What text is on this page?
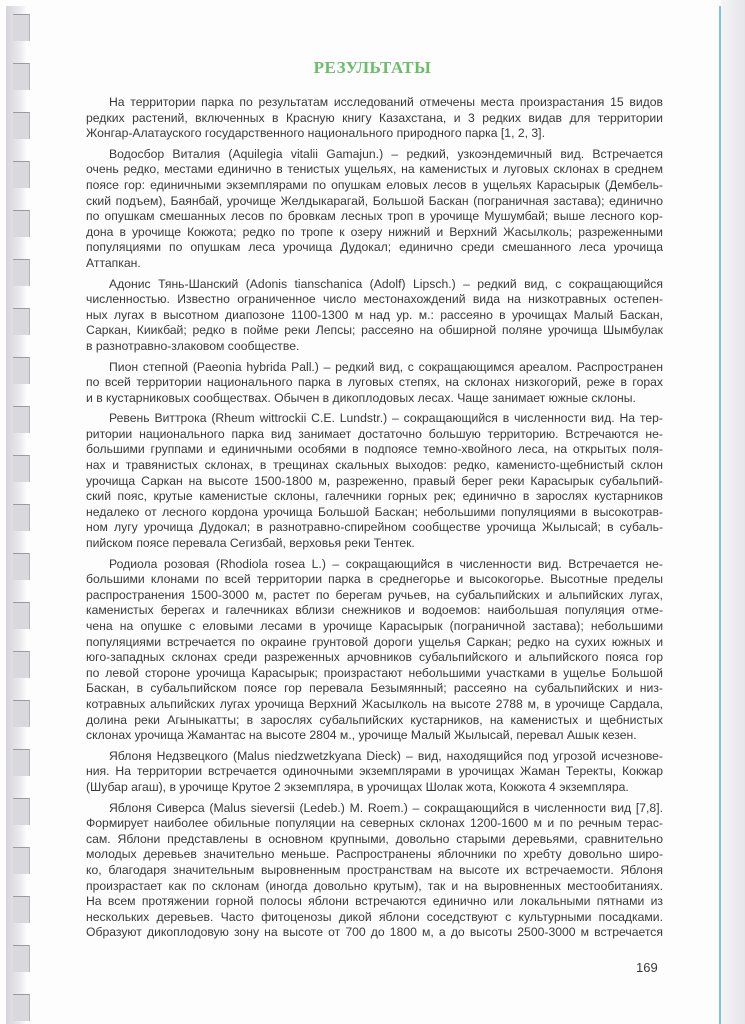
РЕЗУЛЬТАТЫ
На территории парка по результатам исследований отмечены места произрастания 15 видов
редких растений, включенных в Красную книгу Казахстана, и 3 редких видав для территории
Жонгар-Алатауского государственного национального природного парка [1, 2, 3].
Водосбор Виталия (Aquilegia vitalii Gamajun.) – редкий, узкоэндемичный вид. Встречается
очень редко, местами единично в тенистых ущельях, на каменистых и луговых склонах в среднем
поясе гор: единичными экземплярами по опушкам еловых лесов в ущельях Карасырык (Дембель-
ский подъем), Баянбай, урочище Желдыкарагай, Большой Баскан (пограничная застава); единично
по опушкам смешанных лесов по бровкам лесных троп в урочище Мушумбай; выше лесного кор-
дона в урочище Кокжота; редко по тропе к озеру нижний и Верхний Жасылколь; разреженными
популяциями по опушкам леса урочища Дудокал; единично среди смешанного леса урочища
Аттапкан.
Адонис Тянь-Шанский (Adonis tianschanica (Adolf) Lipsch.) – редкий вид, с сокращающийся
численностью. Известно ограниченное число местонахождений вида на низкотравных остепен-
ных лугах в высотном диапозоне 1100-1300 м над ур. м.: рассеяно в урочищах Малый Баскан,
Саркан, Киикбай; редко в пойме реки Лепсы; рассеяно на обширной поляне урочища Шымбулак
в разнотравно-злаковом сообществе.
Пион степной (Paeonia hybrida Pall.) – редкий вид, с сокращающимся ареалом. Распространен
по всей территории национального парка в луговых степях, на склонах низкогорий, реже в горах
и в кустарниковых сообществах. Обычен в дикоплодовых лесах. Чаще занимает южные склоны.
Ревень Виттрока (Rheum wittrockii C.E. Lundstr.) – сокращающийся в численности вид. На тер-
ритории национального парка вид занимает достаточно большую территорию. Встречаются не-
большими группами и единичными особями в подпоясе темно-хвойного леса, на открытых поля-
нах и травянистых склонах, в трещинах скальных выходов: редко, каменисто-щебнистый склон
урочища Саркан на высоте 1500-1800 м, разреженно, правый берег реки Карасырык субальпий-
ский пояс, крутые каменистые склоны, галечники горных рек; единично в зарослях кустарников
недалеко от лесного кордона урочища Большой Баскан; небольшими популяциями в высокотрав-
ном лугу урочища Дудокал; в разнотравно-спирейном сообществе урочища Жылысай; в субаль-
пийском поясе перевала Сегизбай, верховья реки Тентек.
Родиола розовая (Rhodiola rosea L.) – сокращающийся в численности вид. Встречается не-
большими клонами по всей территории парка в среднегорье и высокогорье. Высотные пределы
распространения 1500-3000 м, растет по берегам ручьев, на субальпийских и альпийских лугах,
каменистых берегах и галечниках вблизи снежников и водоемов: наибольшая популяция отме-
чена на опушке с еловыми лесами в урочище Карасырык (пограничной застава); небольшими
популяциями встречается по окраине грунтовой дороги ущелья Саркан; редко на сухих южных и
юго-западных склонах среди разреженных арчовников субальпийского и альпийского пояса гор
по левой стороне урочища Карасырык; произрастают небольшими участками в ущелье Большой
Баскан, в субальпийском поясе гор перевала Безымянный; рассеяно на субальпийских и низ-
котравных альпийских лугах урочища Верхний Жасылколь на высоте 2788 м, в урочище Сардала,
долина реки Агыныкатты; в зарослях субальпийских кустарников, на каменистых и щебнистых
склонах урочища Жамантас на высоте 2804 м., урочище Малый Жылысай, перевал Ашык кезен.
Яблоня Недзвецкого (Malus niedzwetzkyana Dieck) – вид, находящийся под угрозой исчезнове-
ния. На территории встречается одиночными экземплярами в урочищах Жаман Теректы, Кокжар
(Шубар агаш), в урочище Крутое 2 экземпляра, в урочищах Шолак жота, Кокжота 4 экземпляра.
Яблоня Сиверса (Malus sieversii (Ledeb.) M. Roem.) – сокращающийся в численности вид [7,8].
Формирует наиболее обильные популяции на северных склонах 1200-1600 м и по речным терас-
сам. Яблони представлены в основном крупными, довольно старыми деревьями, сравнительно
молодых деревьев значительно меньше. Распространены яблочники по хребту довольно широ-
ко, благодаря значительным выровненным пространствам на высоте их встречаемости. Яблоня
произрастает как по склонам (иногда довольно крутым), так и на выровненных местообитаниях.
На всем протяжении горной полосы яблони встречаются единично или локальными пятнами из
нескольких деревьев. Часто фитоценозы дикой яблони соседствуют с культурными посадками.
Образуют дикоплодовую зону на высоте от 700 до 1800 м, а до высоты 2500-3000 м встречается
169
